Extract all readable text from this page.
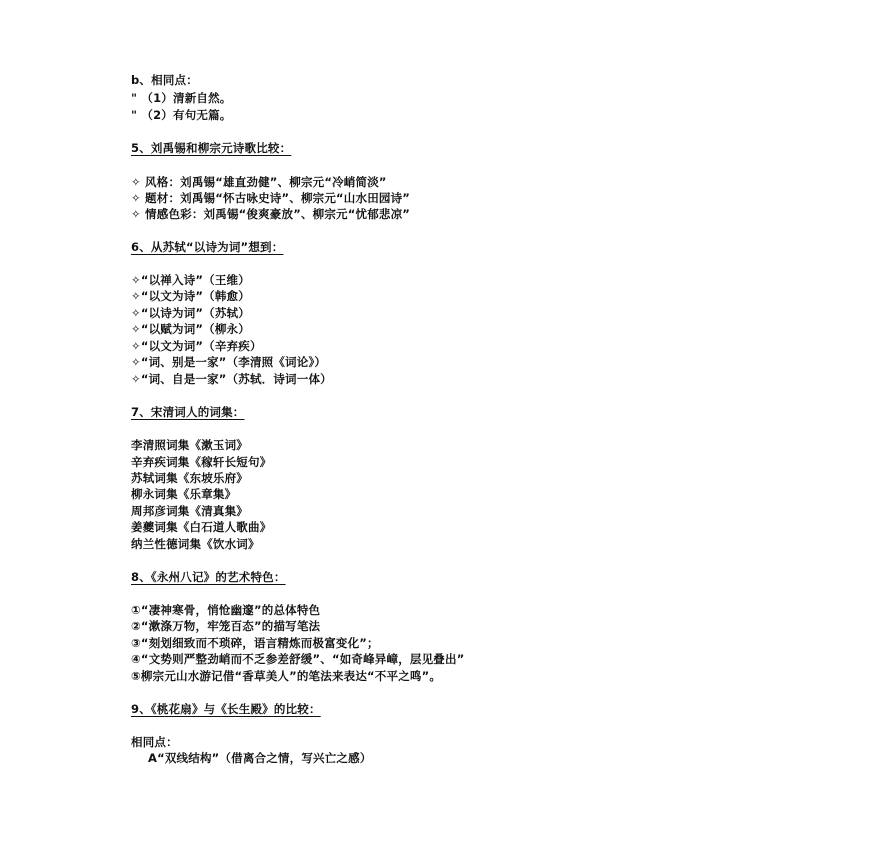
b、相同点：
" （1）清新自然。
" （2）有句无篇。
5、刘禹锡和柳宗元诗歌比较：
✧ 风格：刘禹锡“雄直劲健”、柳宗元“冷峭简淡”
✧ 题材：刘禹锡“怀古咏史诗”、柳宗元“山水田园诗”
✧ 情感色彩：刘禹锡“俊爽豪放”、柳宗元“忧郁悲凉”
6、从苏轼“以诗为词”想到：
✧“以禅入诗”（王维）
✧“以文为诗”（韩愈）
✧“以诗为词”（苏轼）
✧“以赋为词”（柳永）
✧“以文为词”（辛弃疾）
✧“词、别是一家”（李清照《词论》）
✧“词、自是一家”（苏轼．诗词一体）
7、宋清词人的词集：
李清照词集《漱玉词》
辛弃疾词集《稼轩长短句》
苏轼词集《东坡乐府》
柳永词集《乐章集》
周邦彦词集《清真集》
姜夔词集《白石道人歌曲》
纳兰性德词集《饮水词》
8、《永州八记》的艺术特色：
①“凄神寒骨，悄怆幽邃”的总体特色
②“漱涤万物，牢笼百态”的描写笔法
③“刻划细致而不琐碎，语言精炼而极富变化”；
④“文势则严整劲峭而不乏参差舒缓”、“如奇峰异嶂，层见叠出”
⑤柳宗元山水游记借“香草美人”的笔法来表达“不平之鸣”。
9、《桃花扇》与《长生殿》的比较：
相同点：
A“双线结构”（借离合之情，写兴亡之感）
